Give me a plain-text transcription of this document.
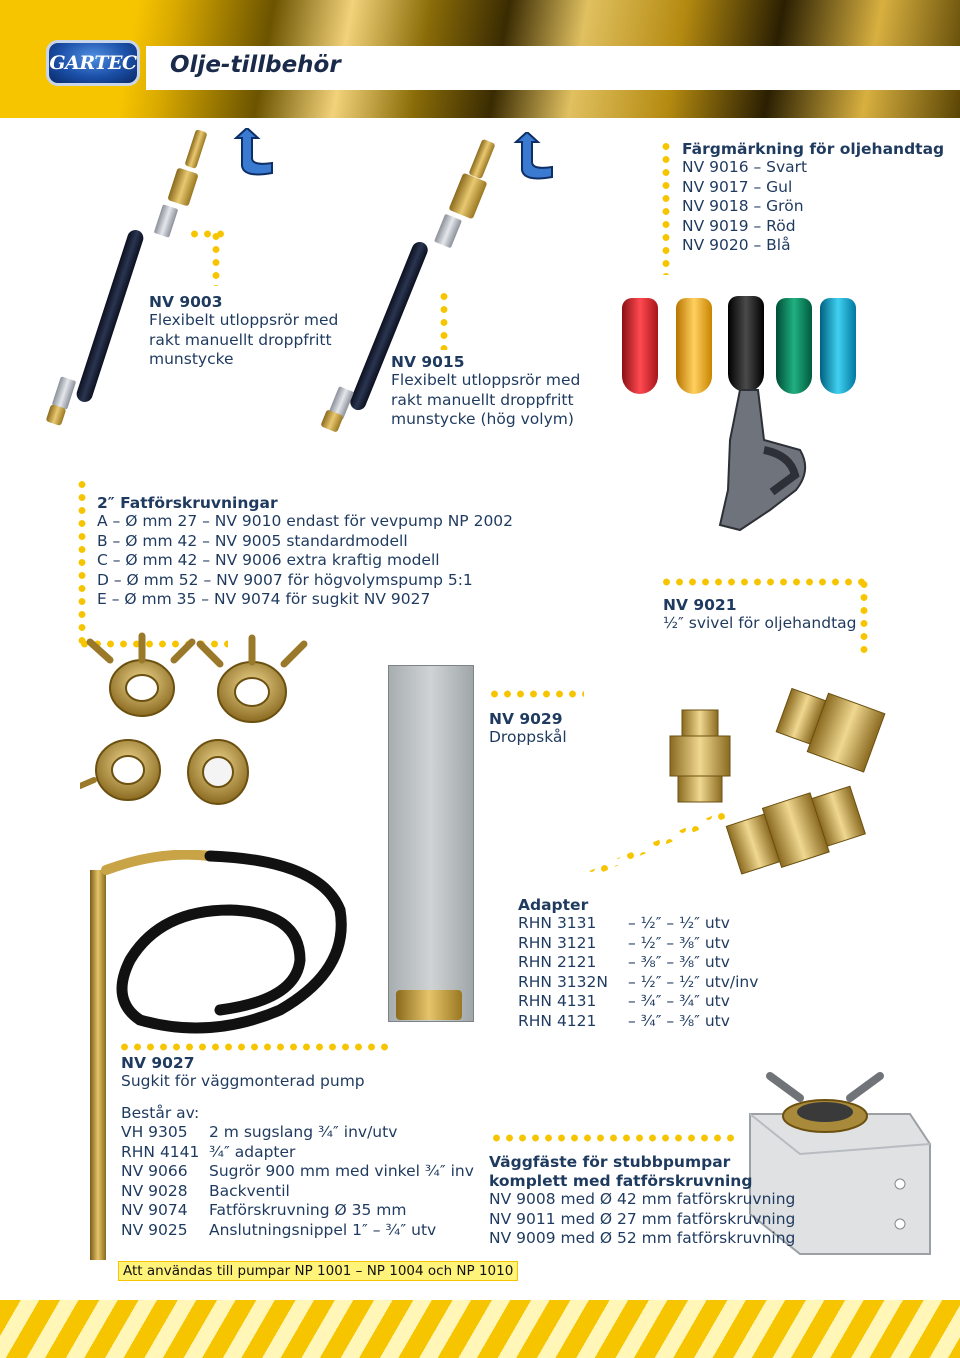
GARTEC Olje-tillbehör
NV 9003
Flexibelt utloppsrör med
rakt manuellt droppfritt
munstycke	NV 9015
Flexibelt utloppsrör med
rakt manuellt droppfritt
munstycke (hög volym)
Färgmärkning för oljehandtag
NV 9016 – Svart
NV 9017 – Gul
NV 9018 – Grön
NV 9019 – Röd
NV 9020 – Blå
2″ Fatförskruvningar
A – Ø mm 27 – NV 9010 endast för vevpump NP 2002
B – Ø mm 42 – NV 9005 standardmodell
C – Ø mm 42 – NV 9006 extra kraftig modell
D – Ø mm 52 – NV 9007 för högvolymspump 5:1
E – Ø mm 35 – NV 9074 för sugkit NV 9027	NV 9021
½″ svivel för oljehandtag
NV 9029
Droppskål
Adapter
RHN 3131	– ½″ – ½″ utv
RHN 3121	– ½″ – ⅜″ utv
RHN 2121	– ⅜″ – ⅜″ utv
RHN 3132N	– ½″ – ½″ utv/inv
RHN 4131	– ¾″ – ¾″ utv
RHN 4121	– ¾″ – ⅜″ utv
NV 9027
Sugkit för väggmonterad pump
Består av:
VH 9305	2 m sugslang ¾″ inv/utv
RHN 4141 ¾″ adapter
NV 9066	Sugrör 900 mm med vinkel ¾″ inv
NV 9028	Backventil
NV 9074	Fatförskruvning Ø 35 mm
NV 9025	Anslutningsnippel 1″ – ¾″ utv
Att användas till pumpar NP 1001 – NP 1004 och NP 1010
Väggfäste för stubbpumpar
komplett med fatförskruvning
NV 9008 med Ø 42 mm fatförskruvning
NV 9011 med Ø 27 mm fatförskruvning
NV 9009 med Ø 52 mm fatförskruvning
